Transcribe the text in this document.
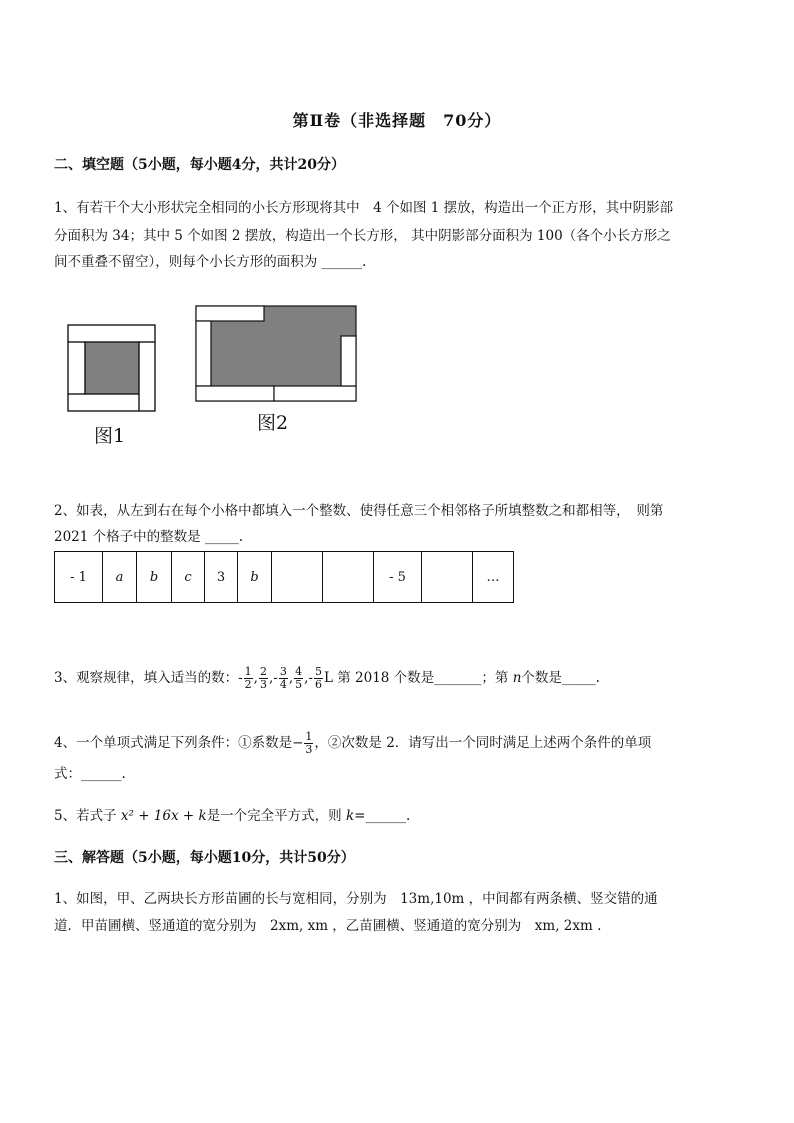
第Ⅱ卷（非选择题　70分）
二、填空题（5小题，每小题4分，共计20分）
1、有若干个大小形状完全相同的小长方形现将其中　4 个如图 1 摆放，构造出一个正方形，其中阴影部
分面积为 34；其中 5 个如图 2 摆放，构造出一个长方形， 其中阴影部分面积为 100（各个小长方形之
间不重叠不留空），则每个小长方形的面积为 ______.
图1
图2
2、如表，从左到右在每个小格中都填入一个整数、使得任意三个相邻格子所填整数之和都相等，　则第
2021 个格子中的整数是 _____.
- 1	a	b	c	3	b			- 5		…
3、观察规律，填入适当的数：- $\frac{1}{2}$ , $\frac{2}{3}$ ,- $\frac{3}{4}$ , $\frac{4}{5}$ ,- $\frac{5}{6}$ L 第 2018 个数是_______；第 n个数是_____.
4、一个单项式满足下列条件：①系数是− $\frac{1}{3}$ ，②次数是 2．请写出一个同时满足上述两个条件的单项
式：______.
5、若式子 x² + 16x + k是一个完全平方式，则 k=______.
三、解答题（5小题，每小题10分，共计50分）
1、如图，甲、乙两块长方形苗圃的长与宽相同，分别为　13m,10m ，中间都有两条横、竖交错的通
道．甲苗圃横、竖通道的宽分别为　2xm, xm ，乙苗圃横、竖通道的宽分别为　xm, 2xm .
